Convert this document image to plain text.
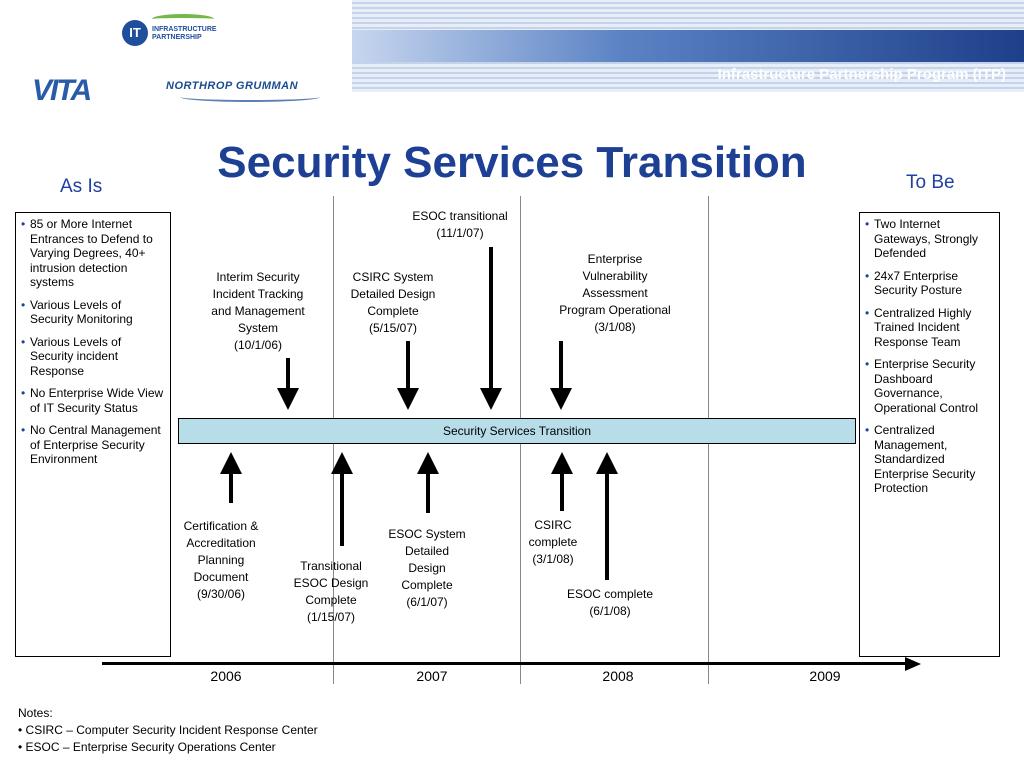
Infrastructure Partnership Program (ITP)
IT	INFRASTRUCTURE PARTNERSHIP
VITA	NORTHROP GRUMMAN
Security Services Transition
As Is
• 85 or More Internet Entrances to Defend to Varying Degrees, 40+ intrusion detection systems
• Various Levels of Security Monitoring
• Various Levels of Security incident Response
• No Enterprise Wide View of IT Security Status
• No Central Management of Enterprise Security Environment
To Be
• Two Internet Gateways, Strongly Defended
• 24x7 Enterprise Security Posture
• Centralized Highly Trained Incident Response Team
• Enterprise Security Dashboard Governance, Operational Control
• Centralized Management, Standardized Enterprise Security Protection
Interim Security
Incident Tracking
and Management
System
(10/1/06)
CSIRC System
Detailed Design
Complete
(5/15/07)
ESOC transitional
(11/1/07)
Enterprise
Vulnerability
Assessment
Program Operational
(3/1/08)
Security Services Transition
Certification &
Accreditation
Planning
Document
(9/30/06)
Transitional
ESOC Design
Complete
(1/15/07)
ESOC System
Detailed
Design
Complete
(6/1/07)
CSIRC
complete
(3/1/08)
ESOC complete
(6/1/08)
2006	2007	2008	2009
Notes:
• CSIRC – Computer Security Incident Response Center
• ESOC – Enterprise Security Operations Center
